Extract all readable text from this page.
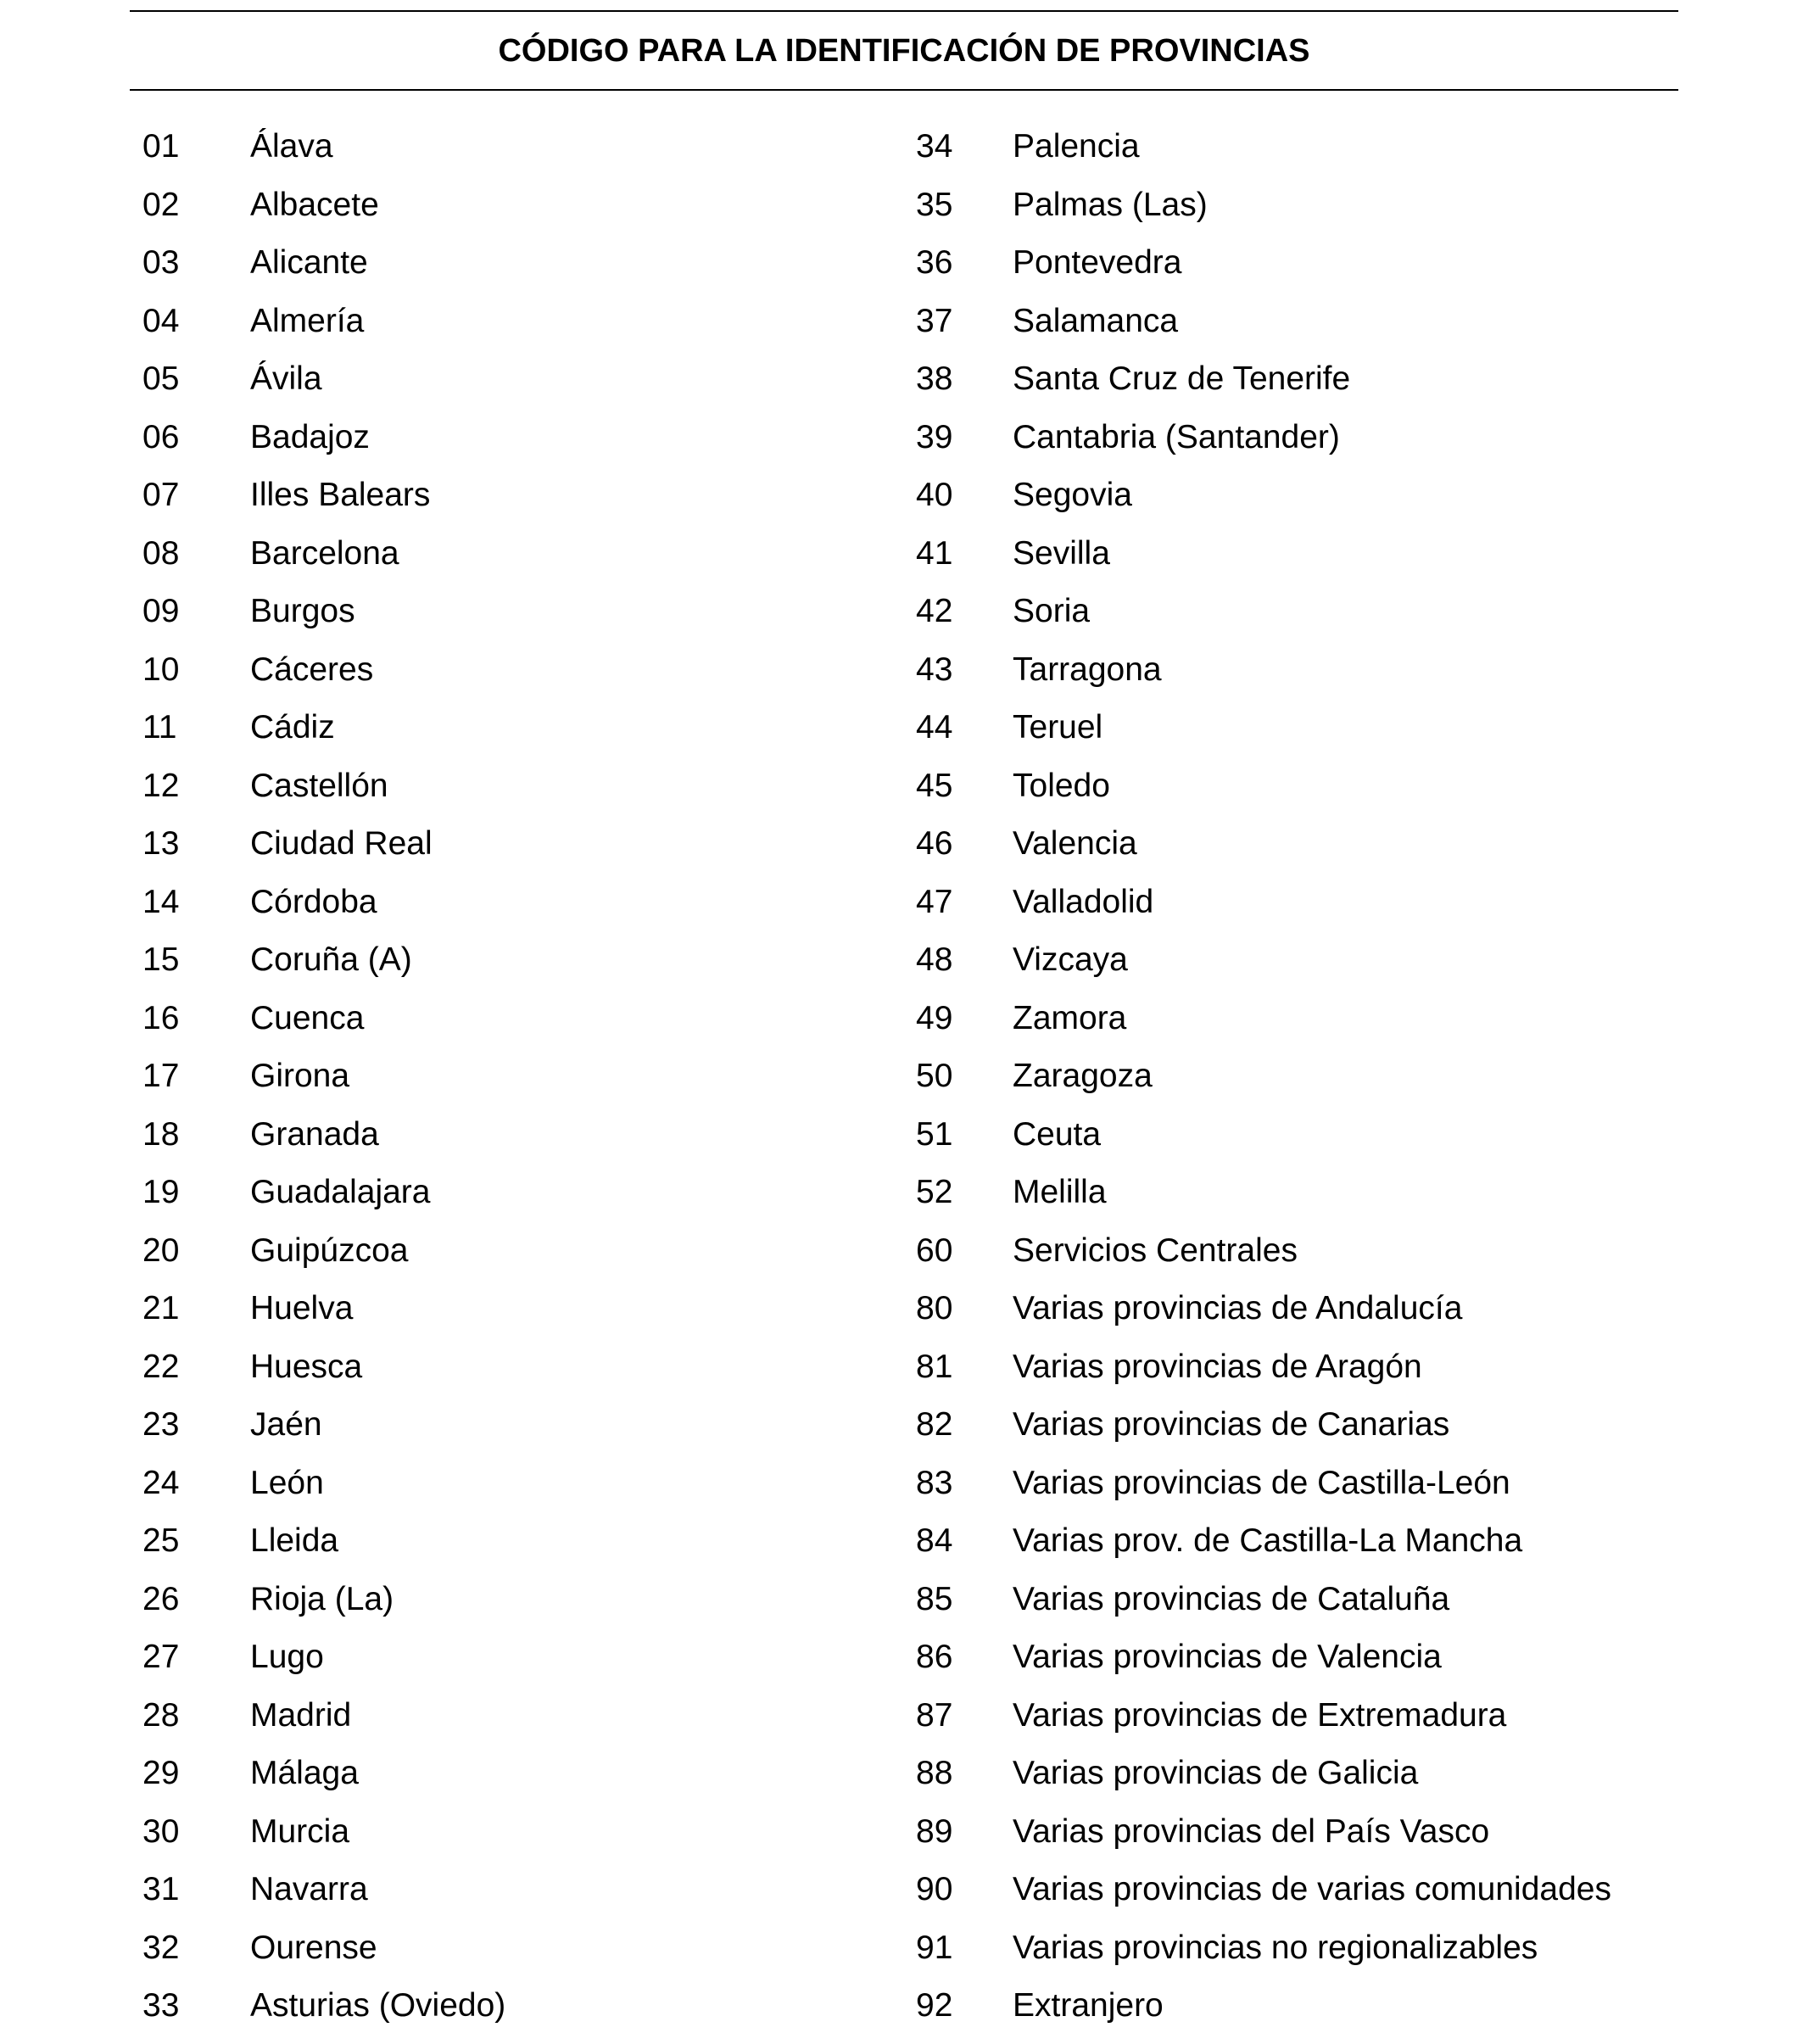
CÓDIGO PARA LA IDENTIFICACIÓN DE PROVINCIAS
01	Álava
02	Albacete
03	Alicante
04	Almería
05	Ávila
06	Badajoz
07	Illes Balears
08	Barcelona
09	Burgos
10	Cáceres
11	Cádiz
12	Castellón
13	Ciudad Real
14	Córdoba
15	Coruña (A)
16	Cuenca
17	Girona
18	Granada
19	Guadalajara
20	Guipúzcoa
21	Huelva
22	Huesca
23	Jaén
24	León
25	Lleida
26	Rioja (La)
27	Lugo
28	Madrid
29	Málaga
30	Murcia
31	Navarra
32	Ourense
33	Asturias (Oviedo)
34	Palencia
35	Palmas (Las)
36	Pontevedra
37	Salamanca
38	Santa Cruz de Tenerife
39	Cantabria (Santander)
40	Segovia
41	Sevilla
42	Soria
43	Tarragona
44	Teruel
45	Toledo
46	Valencia
47	Valladolid
48	Vizcaya
49	Zamora
50	Zaragoza
51	Ceuta
52	Melilla
60	Servicios Centrales
80	Varias provincias de Andalucía
81	Varias provincias de Aragón
82	Varias provincias de Canarias
83	Varias provincias de Castilla-León
84	Varias prov. de Castilla-La Mancha
85	Varias provincias de Cataluña
86	Varias provincias de Valencia
87	Varias provincias de Extremadura
88	Varias provincias de Galicia
89	Varias provincias del País Vasco
90	Varias provincias de varias comunidades
91	Varias provincias no regionalizables
92	Extranjero
